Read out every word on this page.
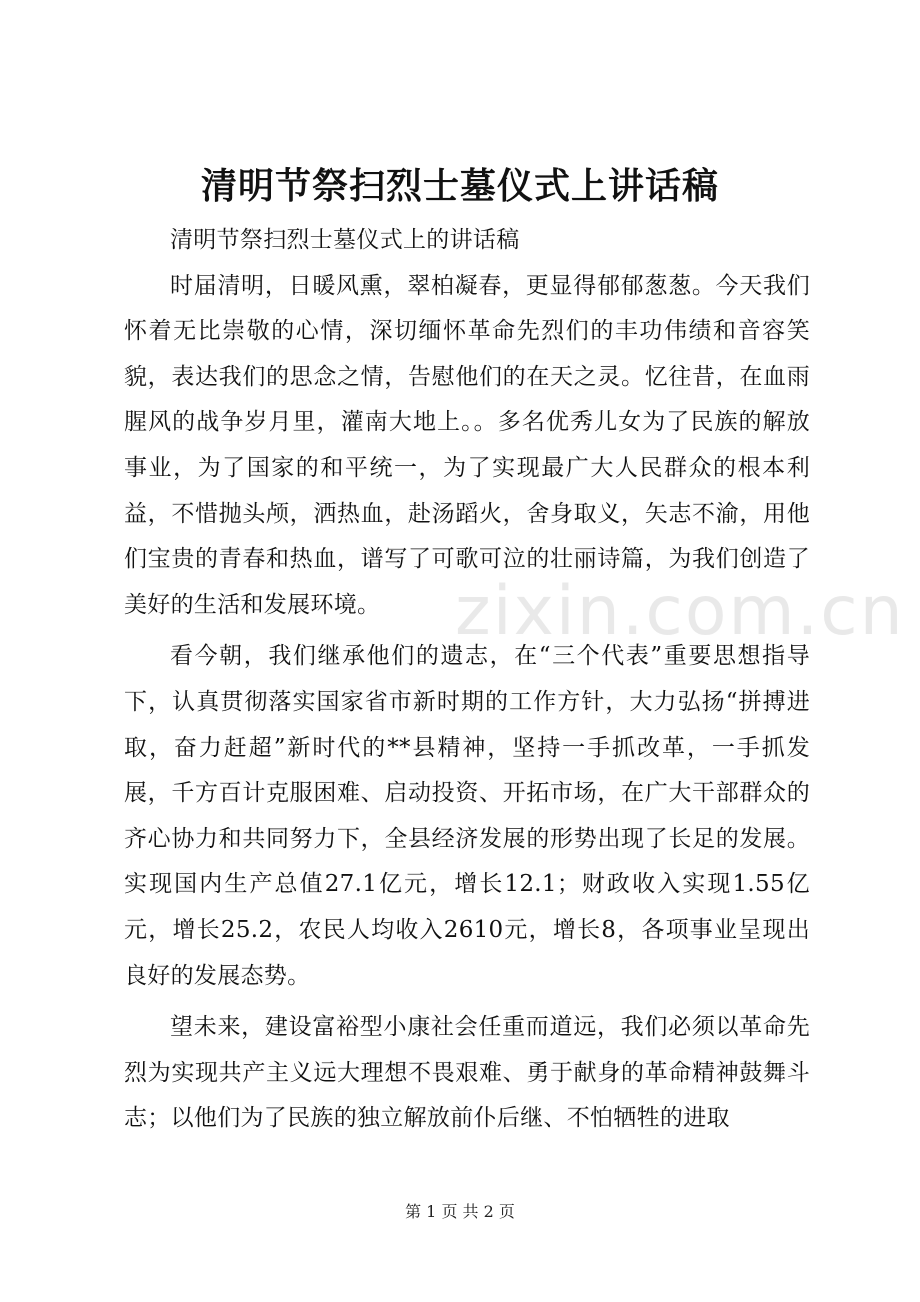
清明节祭扫烈士墓仪式上讲话稿

清明节祭扫烈士墓仪式上的讲话稿

时届清明，日暖风熏，翠柏凝春，更显得郁郁葱葱。今天我们怀着无比崇敬的心情，深切缅怀革命先烈们的丰功伟绩和音容笑貌，表达我们的思念之情，告慰他们的在天之灵。忆往昔，在血雨腥风的战争岁月里，灌南大地上。。多名优秀儿女为了民族的解放事业，为了国家的和平统一，为了实现最广大人民群众的根本利益，不惜抛头颅，洒热血，赴汤蹈火，舍身取义，矢志不渝，用他们宝贵的青春和热血，谱写了可歌可泣的壮丽诗篇，为我们创造了美好的生活和发展环境。

看今朝，我们继承他们的遗志，在“三个代表”重要思想指导下，认真贯彻落实国家省市新时期的工作方针，大力弘扬“拼搏进取，奋力赶超”新时代的**县精神，坚持一手抓改革，一手抓发展，千方百计克服困难、启动投资、开拓市场，在广大干部群众的齐心协力和共同努力下，全县经济发展的形势出现了长足的发展。实现国内生产总值27.1亿元，增长12.1；财政收入实现1.55亿元，增长25.2，农民人均收入2610元，增长8，各项事业呈现出良好的发展态势。

望未来，建设富裕型小康社会任重而道远，我们必须以革命先烈为实现共产主义远大理想不畏艰难、勇于献身的革命精神鼓舞斗志；以他们为了民族的独立解放前仆后继、不怕牺牲的进取

zixin.com.cn
第 1 页 共 2 页
